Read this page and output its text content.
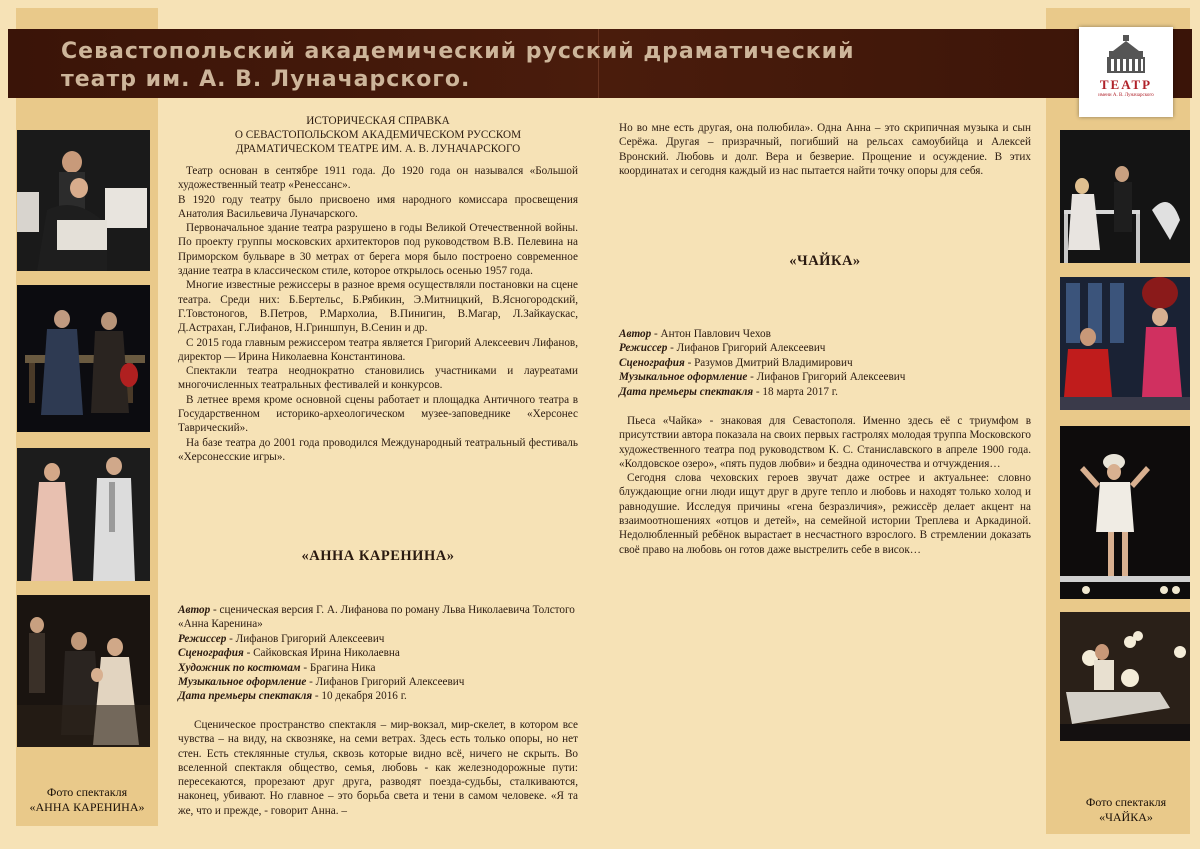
Севастопольский академический русский драматический
театр им. А. В. Луначарского.	ТЕАТР
имени А. В. Луначарского
Фото спектакля
«АННА КАРЕНИНА»	Фото спектакля
«ЧАЙКА»

ИСТОРИЧЕСКАЯ СПРАВКА

О СЕВАСТОПОЛЬСКОМ АКАДЕМИЧЕСКОМ РУССКОМ

ДРАМАТИЧЕСКОМ ТЕАТРЕ ИМ. А. В. ЛУНАЧАРСКОГО

Театр основан в сентябре 1911 года. До 1920 года он назывался «Большой художественный театр «Ренессанс».

В 1920 году театру было присвоено имя народного комиссара просвещения Анатолия Васильевича Луначарского.

Первоначальное здание театра разрушено в годы Великой Отечественной войны. По проекту группы московских архитекторов под руководством В.В. Пелевина на Приморском бульваре в 30 метрах от берега моря было построено современное здание театра в классическом стиле, которое открылось осенью 1957 года.

Многие известные режиссеры в разное время осуществляли постановки на сцене театра. Среди них: Б.Бертельс, Б.Рябикин, Э.Митницкий, В.Ясногородский, Г.Товстоногов, В.Петров, Р.Мархолиа, В.Пинигин, В.Магар, Л.Зайкаускас, Д.Астрахан, Г.Лифанов, Н.Гриншпун, В.Сенин и др.

С 2015 года главным режиссером театра является Григорий Алексеевич Лифанов, директор — Ирина Николаевна Константинова.

Спектакли театра неоднократно становились участниками и лауреатами многочисленных театральных фестивалей и конкурсов.

В летнее время кроме основной сцены работает и площадка Античного театра в Государственном историко-археологическом музее-заповеднике «Херсонес Таврический».

На базе театра до 2001 года проводился Международный театральный фестиваль «Херсонесские игры».

«АННА КАРЕНИНА»
Автор - сценическая версия Г. А. Лифанова по роману Льва Николаевича Толстого «Анна Каренина»
Режиссер - Лифанов Григорий Алексеевич
Сценография - Сайковская Ирина Николаевна
Художник по костюмам - Брагина Ника
Музыкальное оформление - Лифанов Григорий Алексеевич
Дата премьеры спектакля - 10 декабря 2016 г.

Сценическое пространство спектакля – мир-вокзал, мир-скелет, в котором все чувства – на виду, на сквозняке, на семи ветрах. Здесь есть только опоры, но нет стен. Есть стеклянные стулья, сквозь которые видно всё, ничего не скрыть. Во вселенной спектакля общество, семья, любовь - как железнодорожные пути: пересекаются, прорезают друг друга, разводят поезда-судьбы, сталкиваются, наконец, убивают. Но главное – это борьба света и тени в самом человеке. «Я та же, что и прежде, - говорит Анна. –

Но во мне есть другая, она полюбила». Одна Анна – это скрипичная музыка и сын Серёжа. Другая – призрачный, погибший на рельсах самоубийца и Алексей Вронский. Любовь и долг. Вера и безверие. Прощение и осуждение. В этих координатах и сегодня каждый из нас пытается найти точку опоры для себя.

«ЧАЙКА»
Автор - Антон Павлович Чехов
Режиссер - Лифанов Григорий Алексеевич
Сценография - Разумов Дмитрий Владимирович
Музыкальное оформление - Лифанов Григорий Алексеевич
Дата премьеры спектакля - 18 марта 2017 г.

Пьеса «Чайка» - знаковая для Севастополя. Именно здесь её с триумфом в присутствии автора показала на своих первых гастролях молодая труппа Московского художественного театра под руководством К. С. Станиславского в апреле 1900 года. «Колдовское озеро», «пять пудов любви» и бездна одиночества и отчуждения…

Сегодня слова чеховских героев звучат даже острее и актуальнее: словно блуждающие огни люди ищут друг в друге тепло и любовь и находят только холод и равнодушие. Исследуя причины «гена безразличия», режиссёр делает акцент на взаимоотношениях «отцов и детей», на семейной истории Треплева и Аркадиной. Недолюбленный ребёнок вырастает в несчастного взрослого. В стремлении доказать своё право на любовь он готов даже выстрелить себе в висок…
